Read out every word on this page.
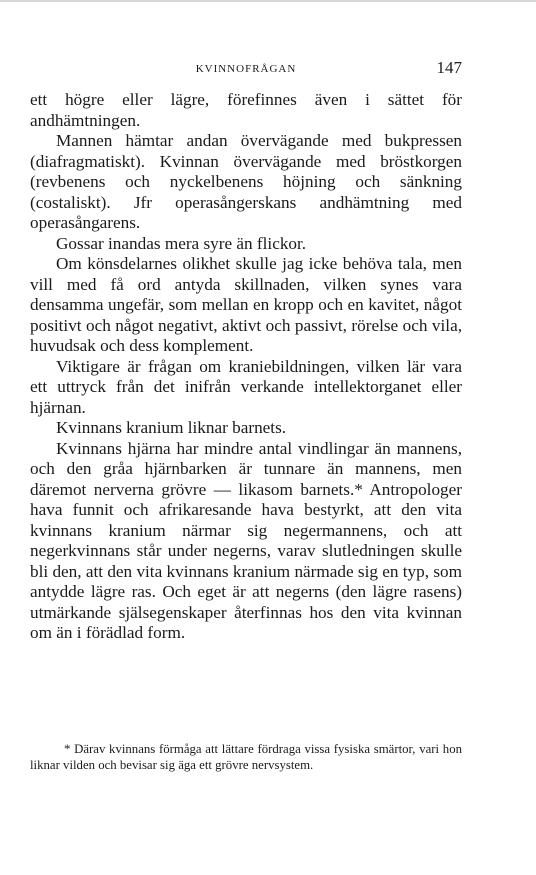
KVINNOFRÅGAN	147

ett högre eller lägre, förefinnes även i sättet för andhämtningen.

Mannen hämtar andan övervägande med bukpressen (diafragmatiskt). Kvinnan övervägande med bröstkorgen (revbenens och nyckelbenens höjning och sänkning (costaliskt). Jfr operasångerskans andhämtning med operasångarens.

Gossar inandas mera syre än flickor.

Om könsdelarnes olikhet skulle jag icke behöva tala, men vill med få ord antyda skillnaden, vilken synes vara densamma ungefär, som mellan en kropp och en kavitet, något positivt och något negativt, aktivt och passivt, rörelse och vila, huvudsak och dess komplement.

Viktigare är frågan om kraniebildningen, vilken lär vara ett uttryck från det inifrån verkande intellektorganet eller hjärnan.

Kvinnans kranium liknar barnets.

Kvinnans hjärna har mindre antal vindlingar än mannens, och den gråa hjärnbarken är tunnare än mannens, men däremot nerverna grövre — likasom barnets.* Antropologer hava funnit och afrikaresande hava bestyrkt, att den vita kvinnans kranium närmar sig negermannens, och att negerkvinnans står under negerns, varav slutledningen skulle bli den, att den vita kvinnans kranium närmade sig en typ, som antydde lägre ras. Och eget är att negerns (den lägre rasens) utmärkande själsegenskaper återfinnas hos den vita kvinnan om än i förädlad form.

* Därav kvinnans förmåga att lättare fördraga vissa fysiska smärtor, vari hon liknar vilden och bevisar sig äga ett grövre nervsystem.
